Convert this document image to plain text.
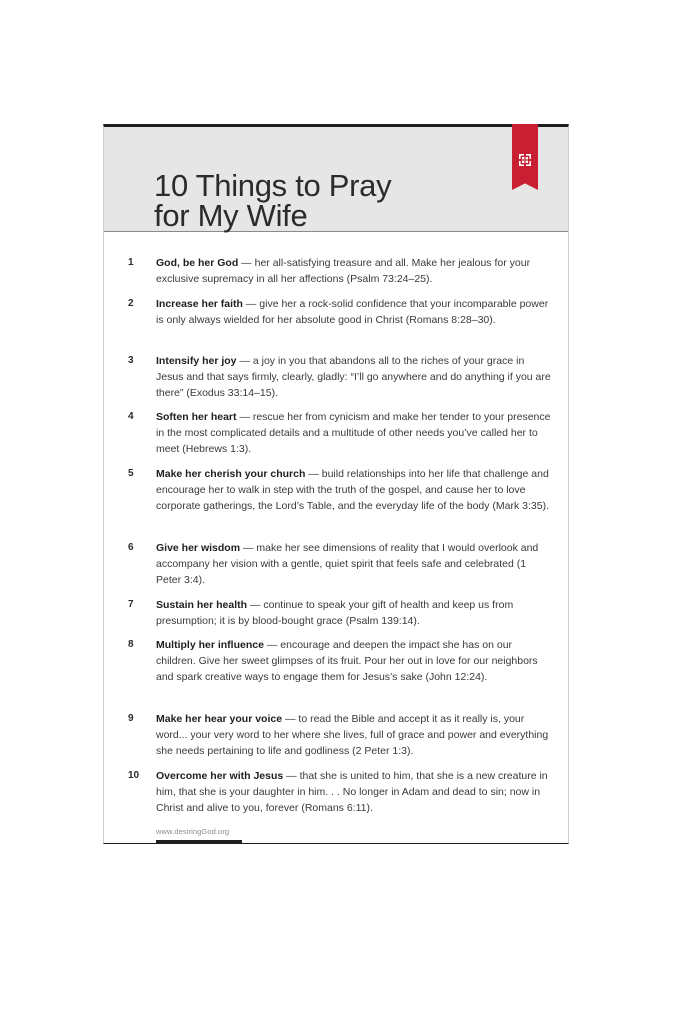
10 Things to Pray
for My Wife
1 God, be her God — her all-satisfying treasure and all. Make her jealous for your exclusive supremacy in all her affections (Psalm 73:24–25).

2 Increase her faith — give her a rock-solid confidence that your incomparable power is only always wielded for her absolute good in Christ (Romans 8:28–30).

3 Intensify her joy — a joy in you that abandons all to the riches of your grace in Jesus and that says firmly, clearly, gladly: “I’ll go anywhere and do anything if you are there” (Exodus 33:14–15).

4 Soften her heart — rescue her from cynicism and make her tender to your presence in the most complicated details and a multitude of other needs you’ve called her to meet (Hebrews 1:3).

5 Make her cherish your church — build relationships into her life that challenge and encourage her to walk in step with the truth of the gospel, and cause her to love corporate gatherings, the Lord’s Table, and the everyday life of the body (Mark 3:35).

6 Give her wisdom — make her see dimensions of reality that I would overlook and accompany her vision with a gentle, quiet spirit that feels safe and celebrated (1 Peter 3:4).

7 Sustain her health — continue to speak your gift of health and keep us from presumption; it is by blood-bought grace (Psalm 139:14).

8 Multiply her influence — encourage and deepen the impact she has on our children. Give her sweet glimpses of its fruit. Pour her out in love for our neighbors and spark creative ways to engage them for Jesus’s sake (John 12:24).

9 Make her hear your voice — to read the Bible and accept it as it really is, your word... your very word to her where she lives, full of grace and power and everything she needs pertaining to life and godliness (2 Peter 1:3).

10 Overcome her with Jesus — that she is united to him, that she is a new creature in him, that she is your daughter in him. . . No longer in Adam and dead to sin; now in Christ and alive to you, forever (Romans 6:11).

www.desiringGod.org
